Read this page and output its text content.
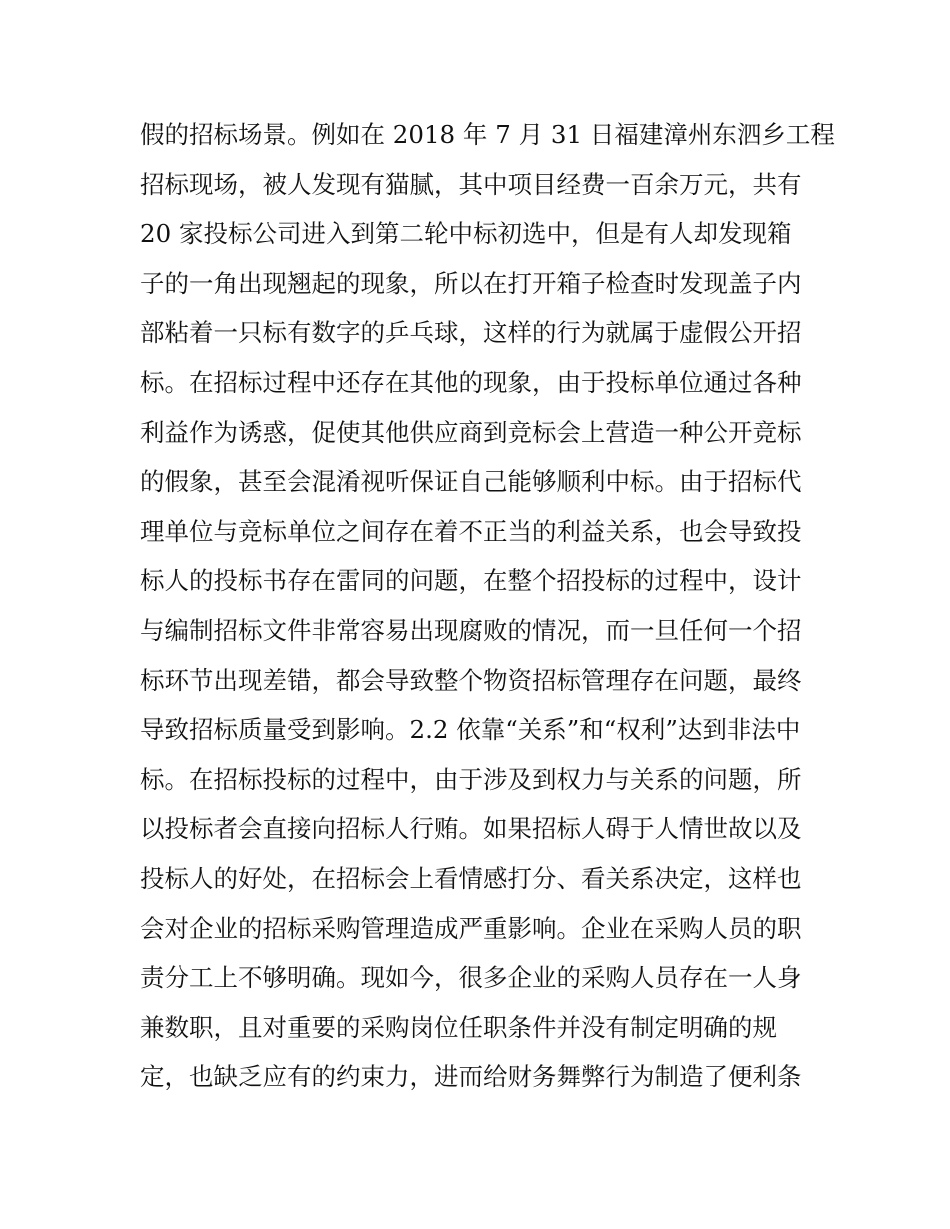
假的招标场景。例如在 2018 年 7 月 31 日福建漳州东泗乡工程
招标现场，被人发现有猫腻，其中项目经费一百余万元，共有
20 家投标公司进入到第二轮中标初选中，但是有人却发现箱
子的一角出现翘起的现象，所以在打开箱子检查时发现盖子内
部粘着一只标有数字的乒乓球，这样的行为就属于虚假公开招
标。在招标过程中还存在其他的现象，由于投标单位通过各种
利益作为诱惑，促使其他供应商到竞标会上营造一种公开竞标
的假象，甚至会混淆视听保证自己能够顺利中标。由于招标代
理单位与竞标单位之间存在着不正当的利益关系，也会导致投
标人的投标书存在雷同的问题，在整个招投标的过程中，设计
与编制招标文件非常容易出现腐败的情况，而一旦任何一个招
标环节出现差错，都会导致整个物资招标管理存在问题，最终
导致招标质量受到影响。2.2 依靠“关系”和“权利”达到非法中
标。在招标投标的过程中，由于涉及到权力与关系的问题，所
以投标者会直接向招标人行贿。如果招标人碍于人情世故以及
投标人的好处，在招标会上看情感打分、看关系决定，这样也
会对企业的招标采购管理造成严重影响。企业在采购人员的职
责分工上不够明确。现如今，很多企业的采购人员存在一人身
兼数职，且对重要的采购岗位任职条件并没有制定明确的规
定，也缺乏应有的约束力，进而给财务舞弊行为制造了便利条
